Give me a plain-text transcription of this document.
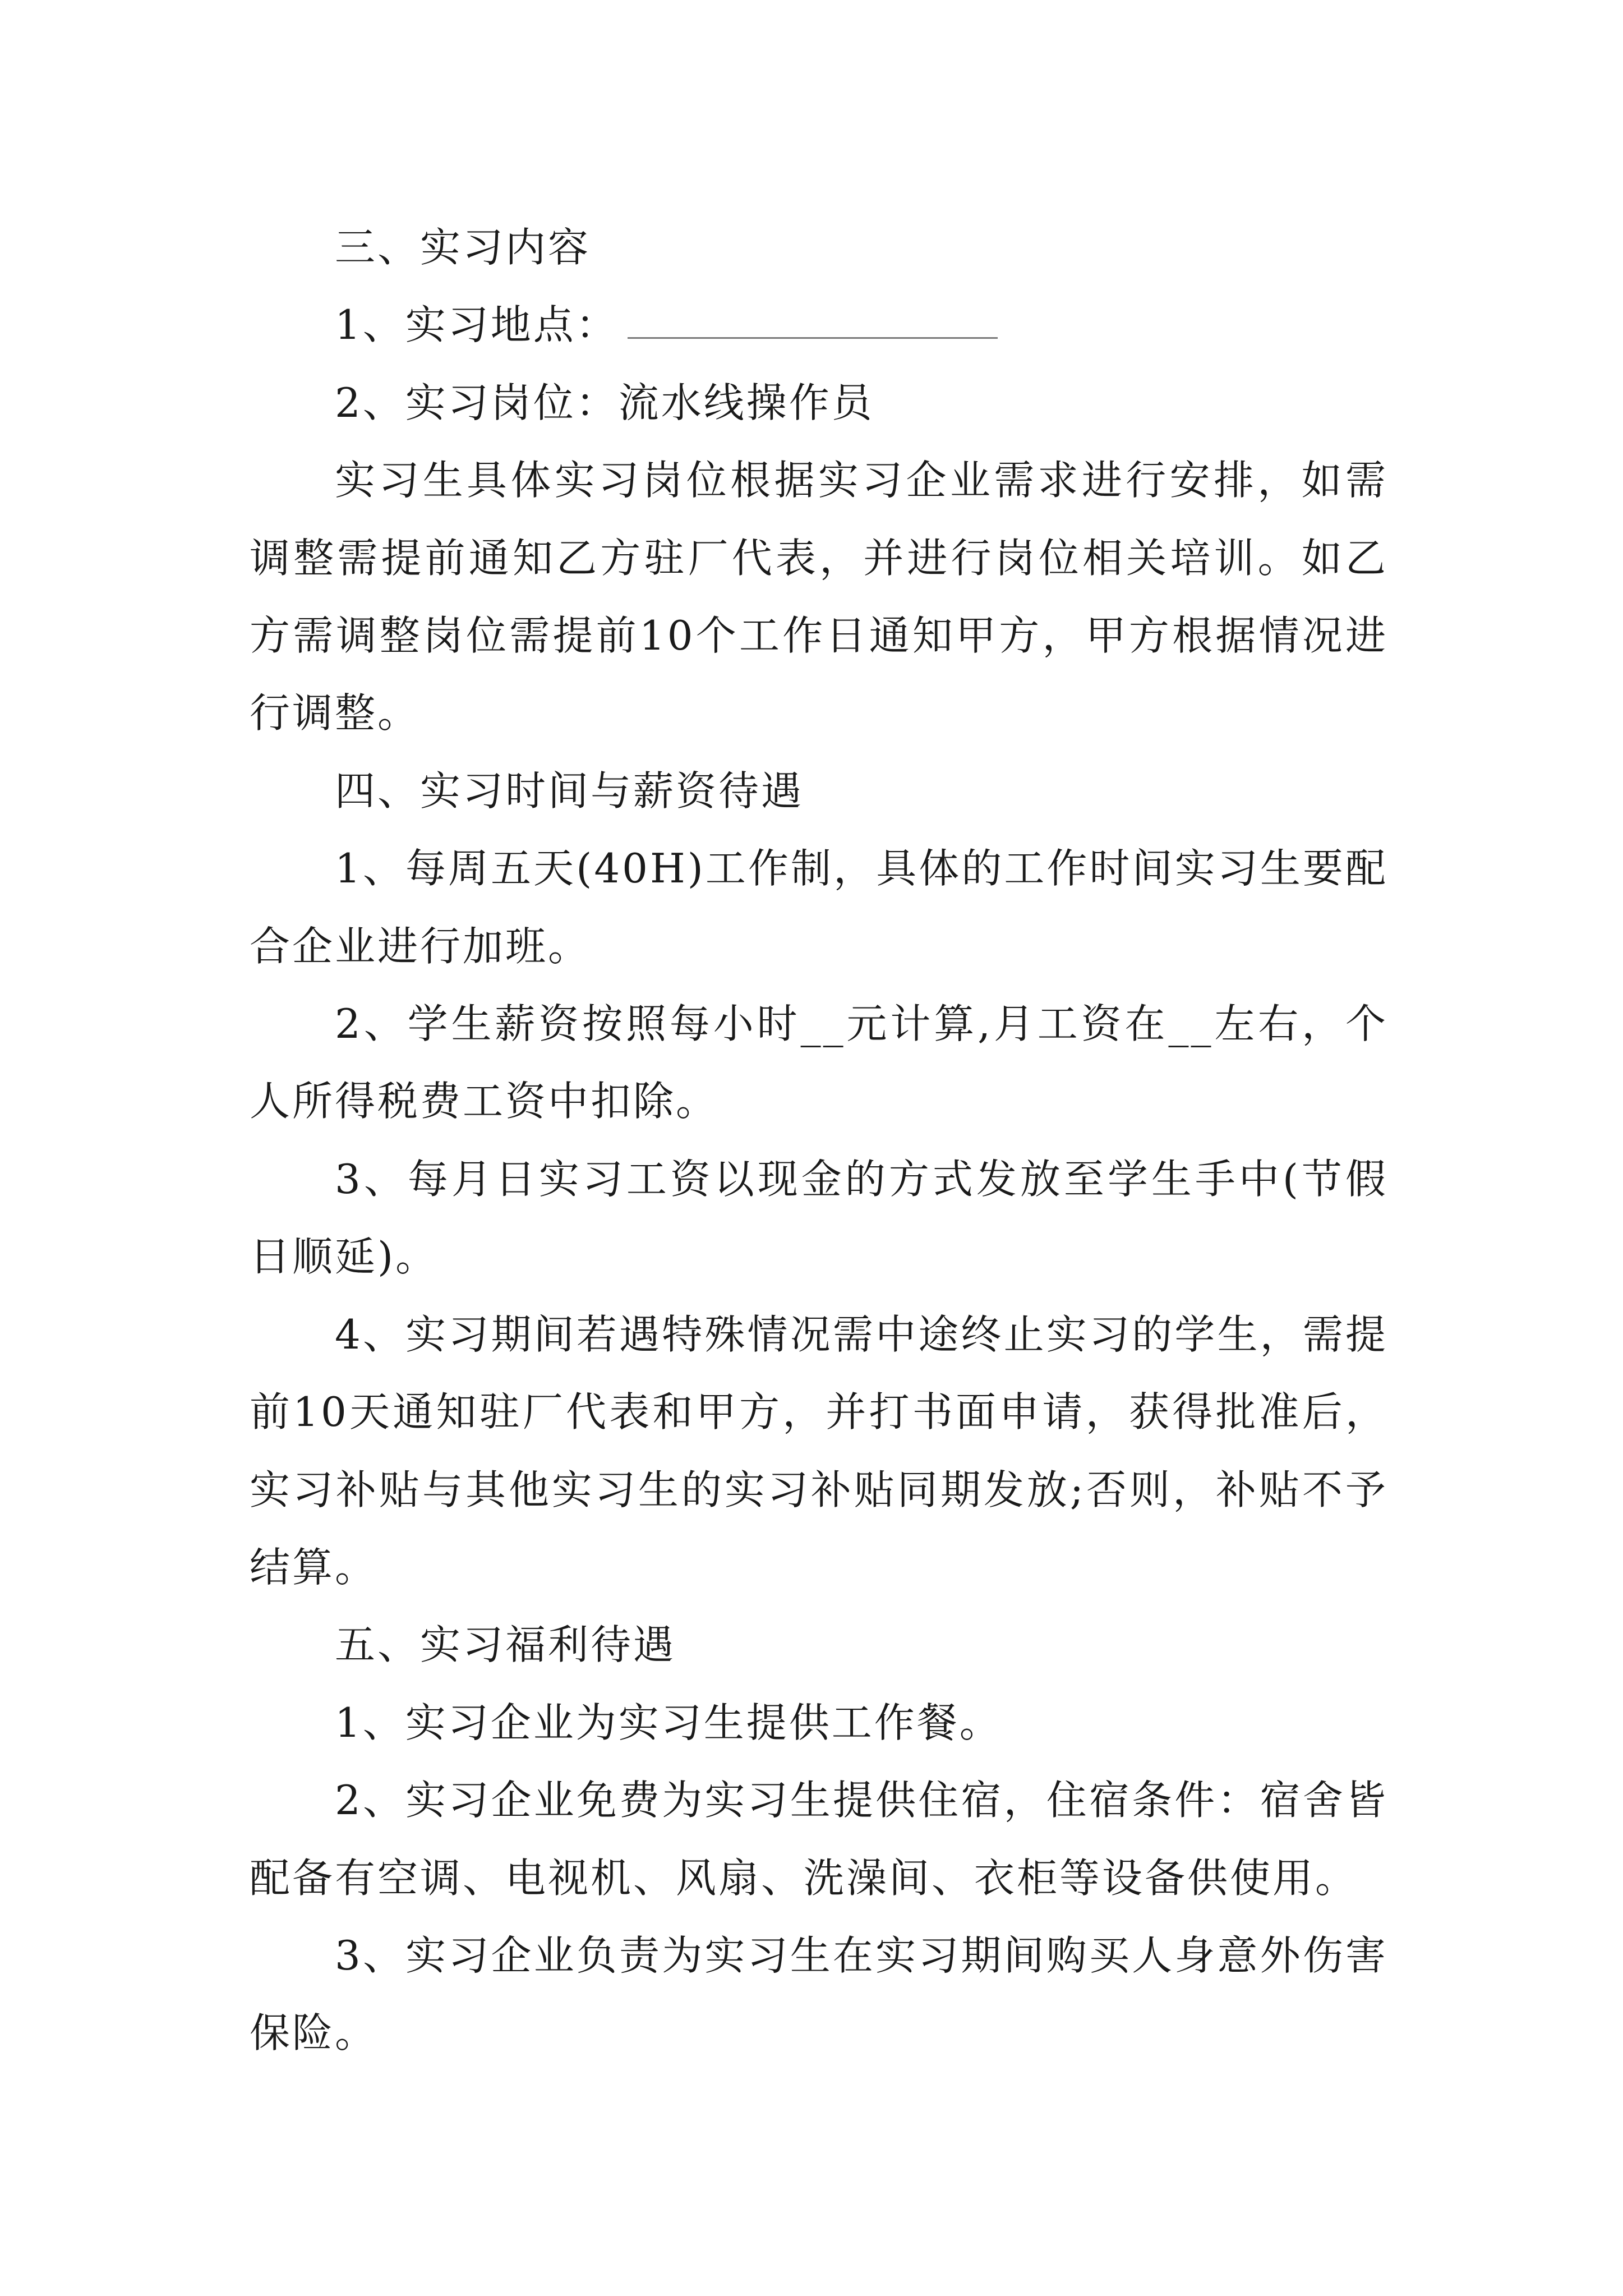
三、实习内容

1、实习地点：

2、实习岗位：流水线操作员

实习生具体实习岗位根据实习企业需求进行安排，如需调整需提前通知乙方驻厂代表，并进行岗位相关培训。如乙方需调整岗位需提前10个工作日通知甲方，甲方根据情况进行调整。

四、实习时间与薪资待遇

1、每周五天(40H)工作制，具体的工作时间实习生要配合企业进行加班。

2、学生薪资按照每小时__元计算,月工资在__左右，个人所得税费工资中扣除。

3、每月日实习工资以现金的方式发放至学生手中(节假日顺延)。

4、实习期间若遇特殊情况需中途终止实习的学生，需提前10天通知驻厂代表和甲方，并打书面申请，获得批准后，实习补贴与其他实习生的实习补贴同期发放;否则，补贴不予结算。

五、实习福利待遇

1、实习企业为实习生提供工作餐。

2、实习企业免费为实习生提供住宿，住宿条件：宿舍皆配备有空调、电视机、风扇、洗澡间、衣柜等设备供使用。

3、实习企业负责为实习生在实习期间购买人身意外伤害保险。
